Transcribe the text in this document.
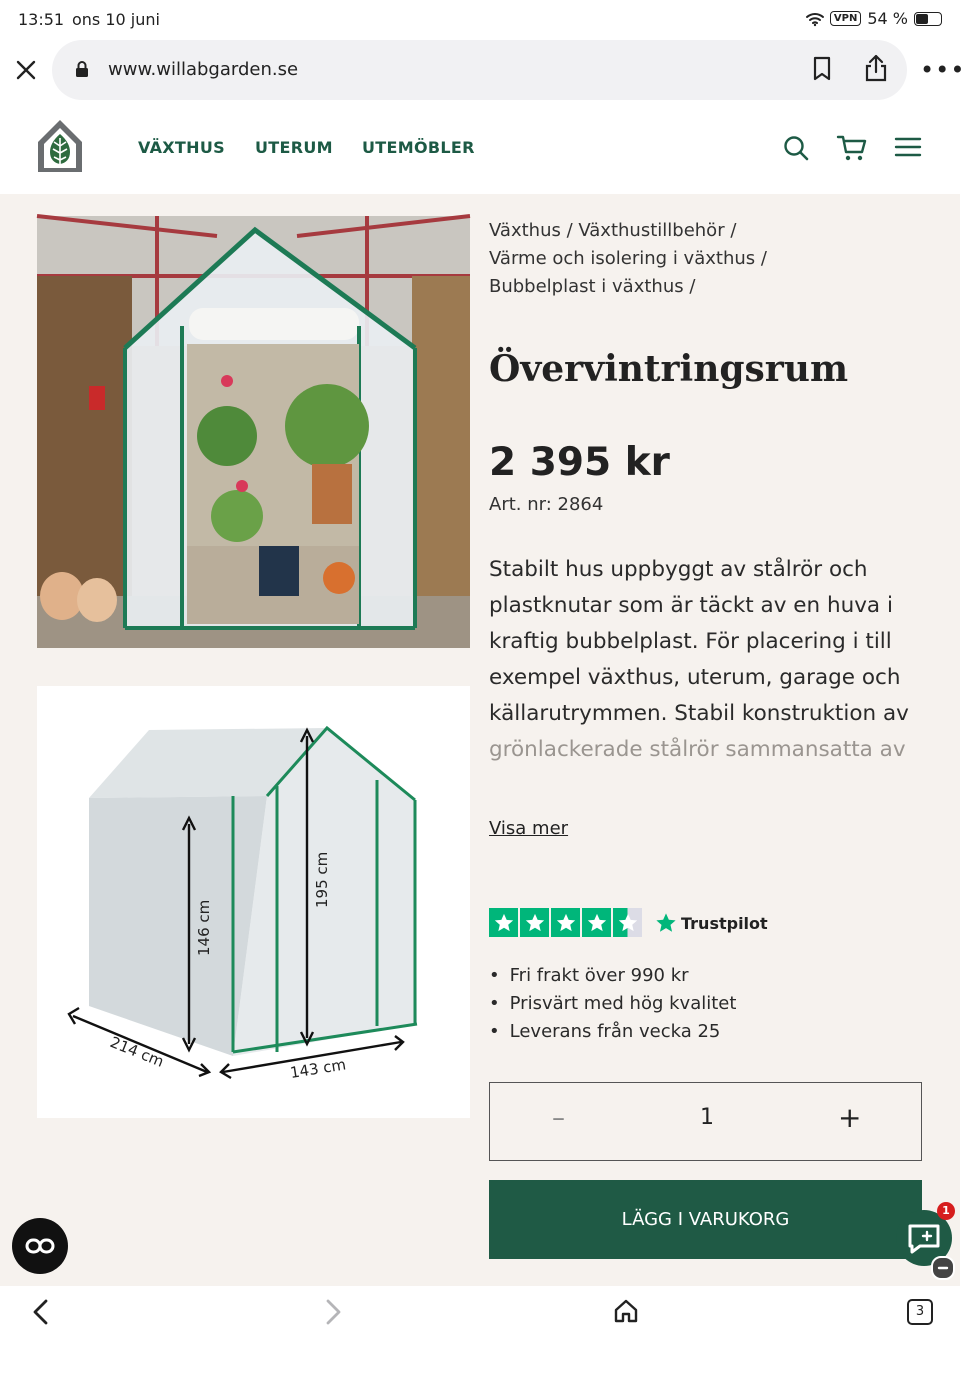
13:51 ons 10 juni	VPN 54 %
www.willabgarden.se	•••
VÄXTHUS UTERUM UTEMÖBLER
146 cm
195 cm
214 cm	143 cm
Växthus / Växthustillbehör /
Värme och isolering i växthus /
Bubbelplast i växthus /
Övervintringsrum
2 395 kr
Art. nr: 2864
Stabilt hus uppbyggt av stålrör och plastknutar som är täckt av en huva i kraftig bubbelplast. För placering i till exempel växthus, uterum, garage och källarutrymmen. Stabil konstruktion av grönlackerade stålrör sammansatta av
Visa mer
Trustpilot
• Fri frakt över 990 kr
• Prisvärt med hög kvalitet
• Leverans från vecka 25
–	1	+
LÄGG I VARUKORG	1
3
